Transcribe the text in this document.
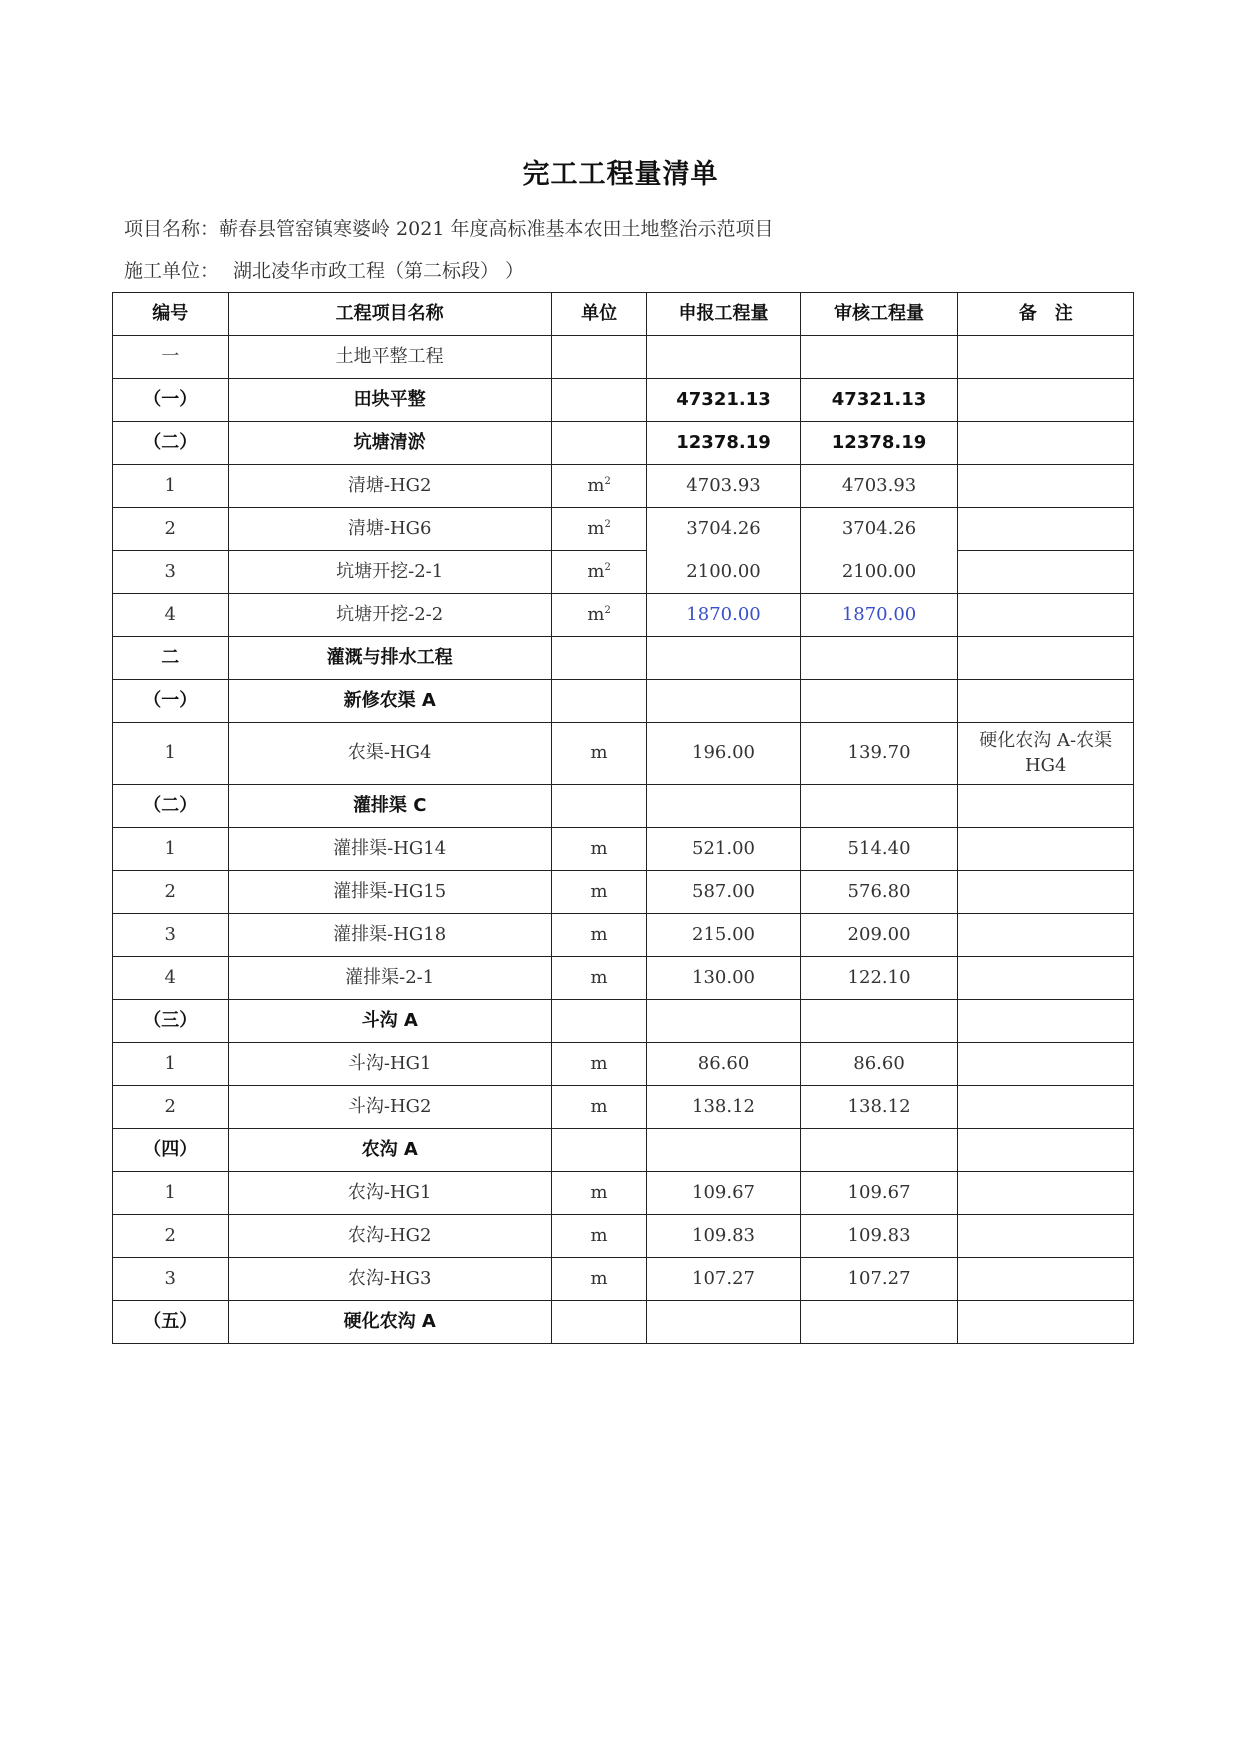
完工工程量清单
项目名称：蕲春县管窑镇寒婆岭 2021 年度高标准基本农田土地整治示范项目
施工单位： 湖北凌华市政工程（第二标段） ）
编号	工程项目名称	单位	申报工程量	审核工程量	备　注
一	土地平整工程				
（一）	田块平整		47321.13	47321.13	
（二）	坑塘清淤		12378.19	12378.19	
1	清塘-HG2	$m^2$	4703.93	4703.93	
2	清塘-HG6	$m^2$	3704.26	3704.26	
3	坑塘开挖-2-1	$m^2$	2100.00	2100.00	
4	坑塘开挖-2-2	$m^2$	1870.00	1870.00	
二	灌溉与排水工程				
（一）	新修农渠 A				
1	农渠-HG4	m	196.00	139.70	硬化农沟 A-农渠 HG4
（二）	灌排渠 C				
1	灌排渠-HG14	m	521.00	514.40	
2	灌排渠-HG15	m	587.00	576.80	
3	灌排渠-HG18	m	215.00	209.00	
4	灌排渠-2-1	m	130.00	122.10	
（三）	斗沟 A				
1	斗沟-HG1	m	86.60	86.60	
2	斗沟-HG2	m	138.12	138.12	
（四）	农沟 A				
1	农沟-HG1	m	109.67	109.67	
2	农沟-HG2	m	109.83	109.83	
3	农沟-HG3	m	107.27	107.27	
（五）	硬化农沟 A				
